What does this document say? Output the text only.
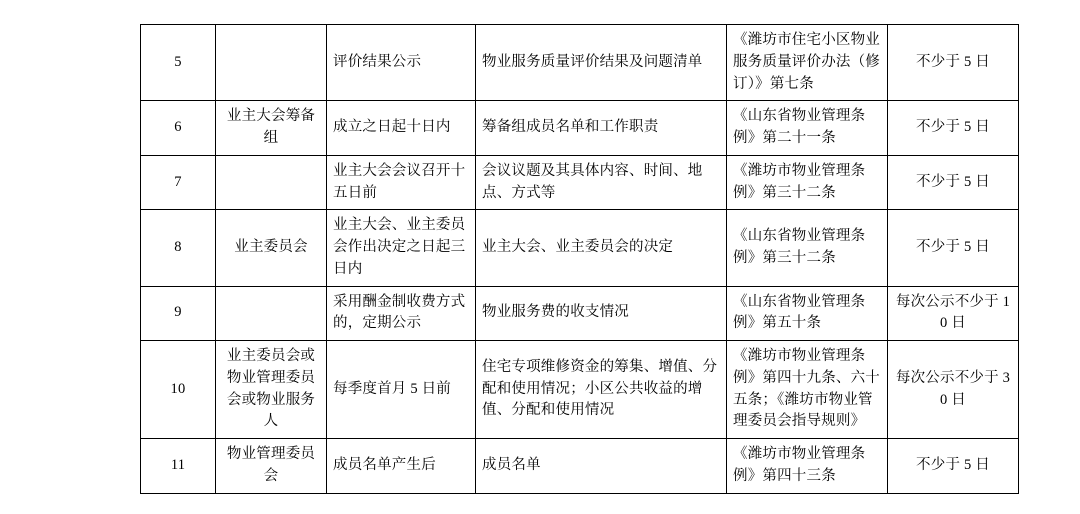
5		评价结果公示	物业服务质量评价结果及问题清单	《潍坊市住宅小区物业服务质量评价办法（修订）》第七条	不少于 5 日
6	业主大会筹备组	成立之日起十日内	筹备组成员名单和工作职责	《山东省物业管理条例》第二十一条	不少于 5 日
7		业主大会会议召开十五日前	会议议题及其具体内容、时间、地点、方式等	《潍坊市物业管理条例》第三十二条	不少于 5 日
8	业主委员会	业主大会、业主委员会作出决定之日起三日内	业主大会、业主委员会的决定	《山东省物业管理条例》第三十二条	不少于 5 日
9		采用酬金制收费方式的，定期公示	物业服务费的收支情况	《山东省物业管理条例》第五十条	每次公示不少于 10 日
10	业主委员会或物业管理委员会或物业服务人	每季度首月 5 日前	住宅专项维修资金的筹集、增值、分配和使用情况；小区公共收益的增值、分配和使用情况	《潍坊市物业管理条例》第四十九条、六十五条；《潍坊市物业管理委员会指导规则》	每次公示不少于 30 日
11	物业管理委员会	成员名单产生后	成员名单	《潍坊市物业管理条例》第四十三条	不少于 5 日
